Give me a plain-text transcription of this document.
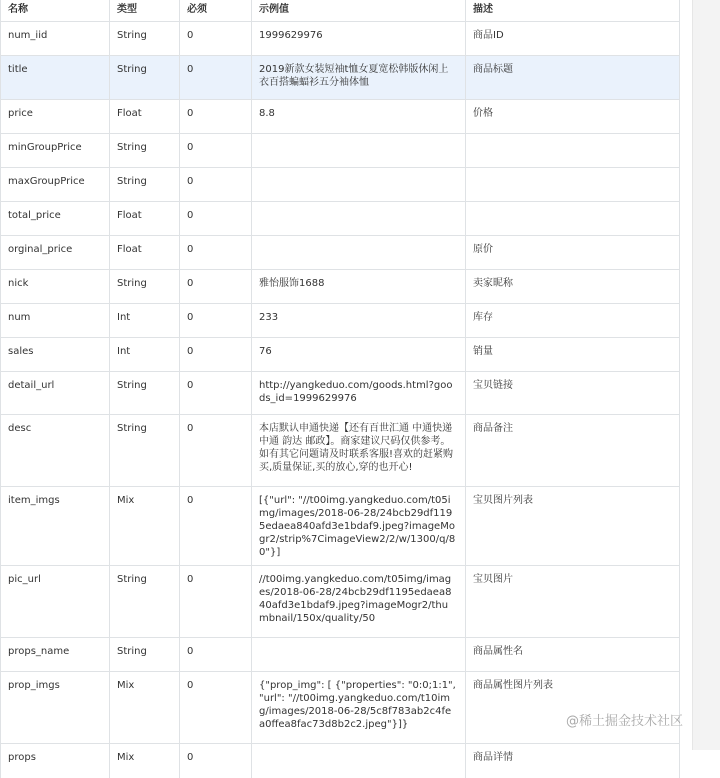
名称	类型	必须	示例值	描述
num_iid	String	0	1999629976	商品ID
title	String	0	2019新款女装短袖t恤女夏宽松韩版休闲上衣百搭蝙蝠衫五分袖体恤	商品标题
price	Float	0	8.8	价格
minGroupPrice	String	0		
maxGroupPrice	String	0		
total_price	Float	0		
orginal_price	Float	0		原价
nick	String	0	雅怡服饰1688	卖家昵称
num	Int	0	233	库存
sales	Int	0	76	销量
detail_url	String	0	http://yangkeduo.com/goods.html?goods_id=1999629976	宝贝链接
desc	String	0	本店默认申通快递【还有百世汇通 中通快递 中通 韵达 邮政】。商家建议尺码仅供参考。如有其它问题请及时联系客服!喜欢的赶紧购买,质量保证,买的放心,穿的也开心!	商品备注
item_imgs	Mix	0	[{"url": "//t00img.yangkeduo.com/t05img/images/2018-06-28/24bcb29df1195edaea840afd3e1bdaf9.jpeg?imageMogr2/strip%7CimageView2/2/w/1300/q/80"}]	宝贝图片列表
pic_url	String	0	//t00img.yangkeduo.com/t05img/images/2018-06-28/24bcb29df1195edaea840afd3e1bdaf9.jpeg?imageMogr2/thumbnail/150x/quality/50	宝贝图片
props_name	String	0		商品属性名
prop_imgs	Mix	0	{"prop_img": [ {"properties": "0:0;1:1", "url": "//t00img.yangkeduo.com/t10img/images/2018-06-28/5c8f783ab2c4fea0ffea8fac73d8b2c2.jpeg"}]}	商品属性图片列表
props	Mix	0		商品详情
@稀土掘金技术社区
